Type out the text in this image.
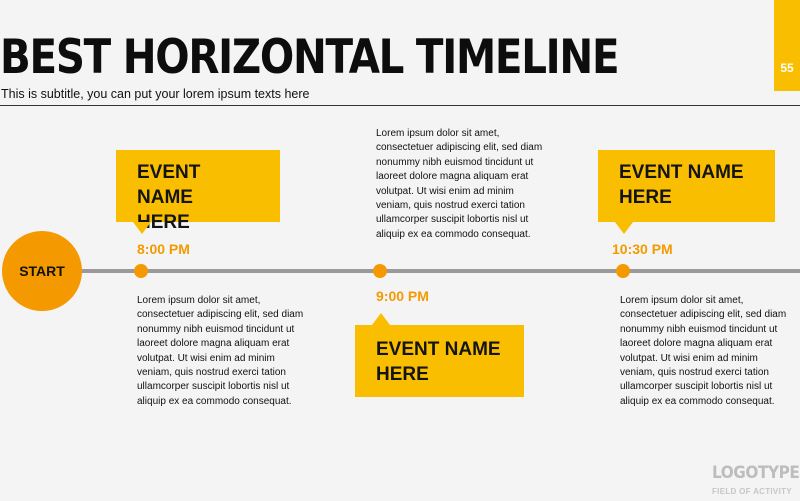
BEST HORIZONTAL TIMELINE
This is subtitle, you can put your lorem ipsum texts here
55
START
EVENT NAME
HERE
8:00 PM
Lorem ipsum dolor sit amet, consectetuer adipiscing elit, sed diam nonummy nibh euismod tincidunt ut laoreet dolore magna aliquam erat volutpat. Ut wisi enim ad minim veniam, quis nostrud exerci tation ullamcorper suscipit lobortis nisl ut aliquip ex ea commodo consequat.
Lorem ipsum dolor sit amet, consectetuer adipiscing elit, sed diam nonummy nibh euismod tincidunt ut laoreet dolore magna aliquam erat volutpat. Ut wisi enim ad minim veniam, quis nostrud exerci tation ullamcorper suscipit lobortis nisl ut aliquip ex ea commodo consequat.
9:00 PM
EVENT NAME
HERE
EVENT NAME
HERE
10:30 PM
Lorem ipsum dolor sit amet, consectetuer adipiscing elit, sed diam nonummy nibh euismod tincidunt ut laoreet dolore magna aliquam erat volutpat. Ut wisi enim ad minim veniam, quis nostrud exerci tation ullamcorper suscipit lobortis nisl ut aliquip ex ea commodo consequat.
LOGOTYPE
FIELD OF ACTIVITY
